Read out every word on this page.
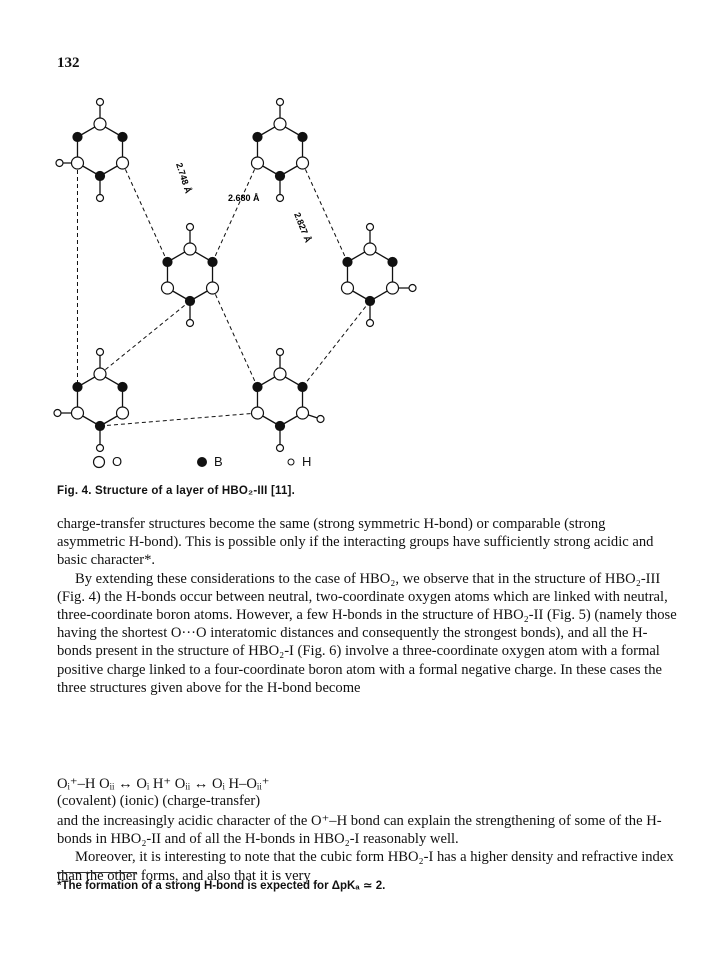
132
2.748 Å
2.680 Å
2.827 Å
O	B	H
Fig. 4. Structure of a layer of HBO₂-III [11].

charge-transfer structures become the same (strong symmetric H-bond) or comparable (strong asymmetric H-bond). This is possible only if the interacting groups have sufficiently strong acidic and basic character*.

By extending these considerations to the case of HBO₂, we observe that in the structure of HBO₂-III (Fig. 4) the H-bonds occur between neutral, two-coordinate oxygen atoms which are linked with neutral, three-coordinate boron atoms. However, a few H-bonds in the structure of HBO₂-II (Fig. 5) (namely those having the shortest O···O interatomic distances and consequently the strongest bonds), and all the H-bonds present in the structure of HBO₂-I (Fig. 6) involve a three-coordinate oxygen atom with a formal positive charge linked to a four-coordinate boron atom with a formal negative charge. In these cases the three structures given above for the H-bond become

Oᵢ⁺–H Oᵢᵢ ↔ Oᵢ H⁺ Oᵢᵢ ↔ Oᵢ H–Oᵢᵢ⁺
(covalent) (ionic) (charge-transfer)

and the increasingly acidic character of the O⁺–H bond can explain the strengthening of some of the H-bonds in HBO₂-II and of all the H-bonds in HBO₂-I reasonably well.

Moreover, it is interesting to note that the cubic form HBO₂-I has a higher density and refractive index than the other forms, and also that it is very

*The formation of a strong H-bond is expected for ΔpKₐ ≃ 2.
